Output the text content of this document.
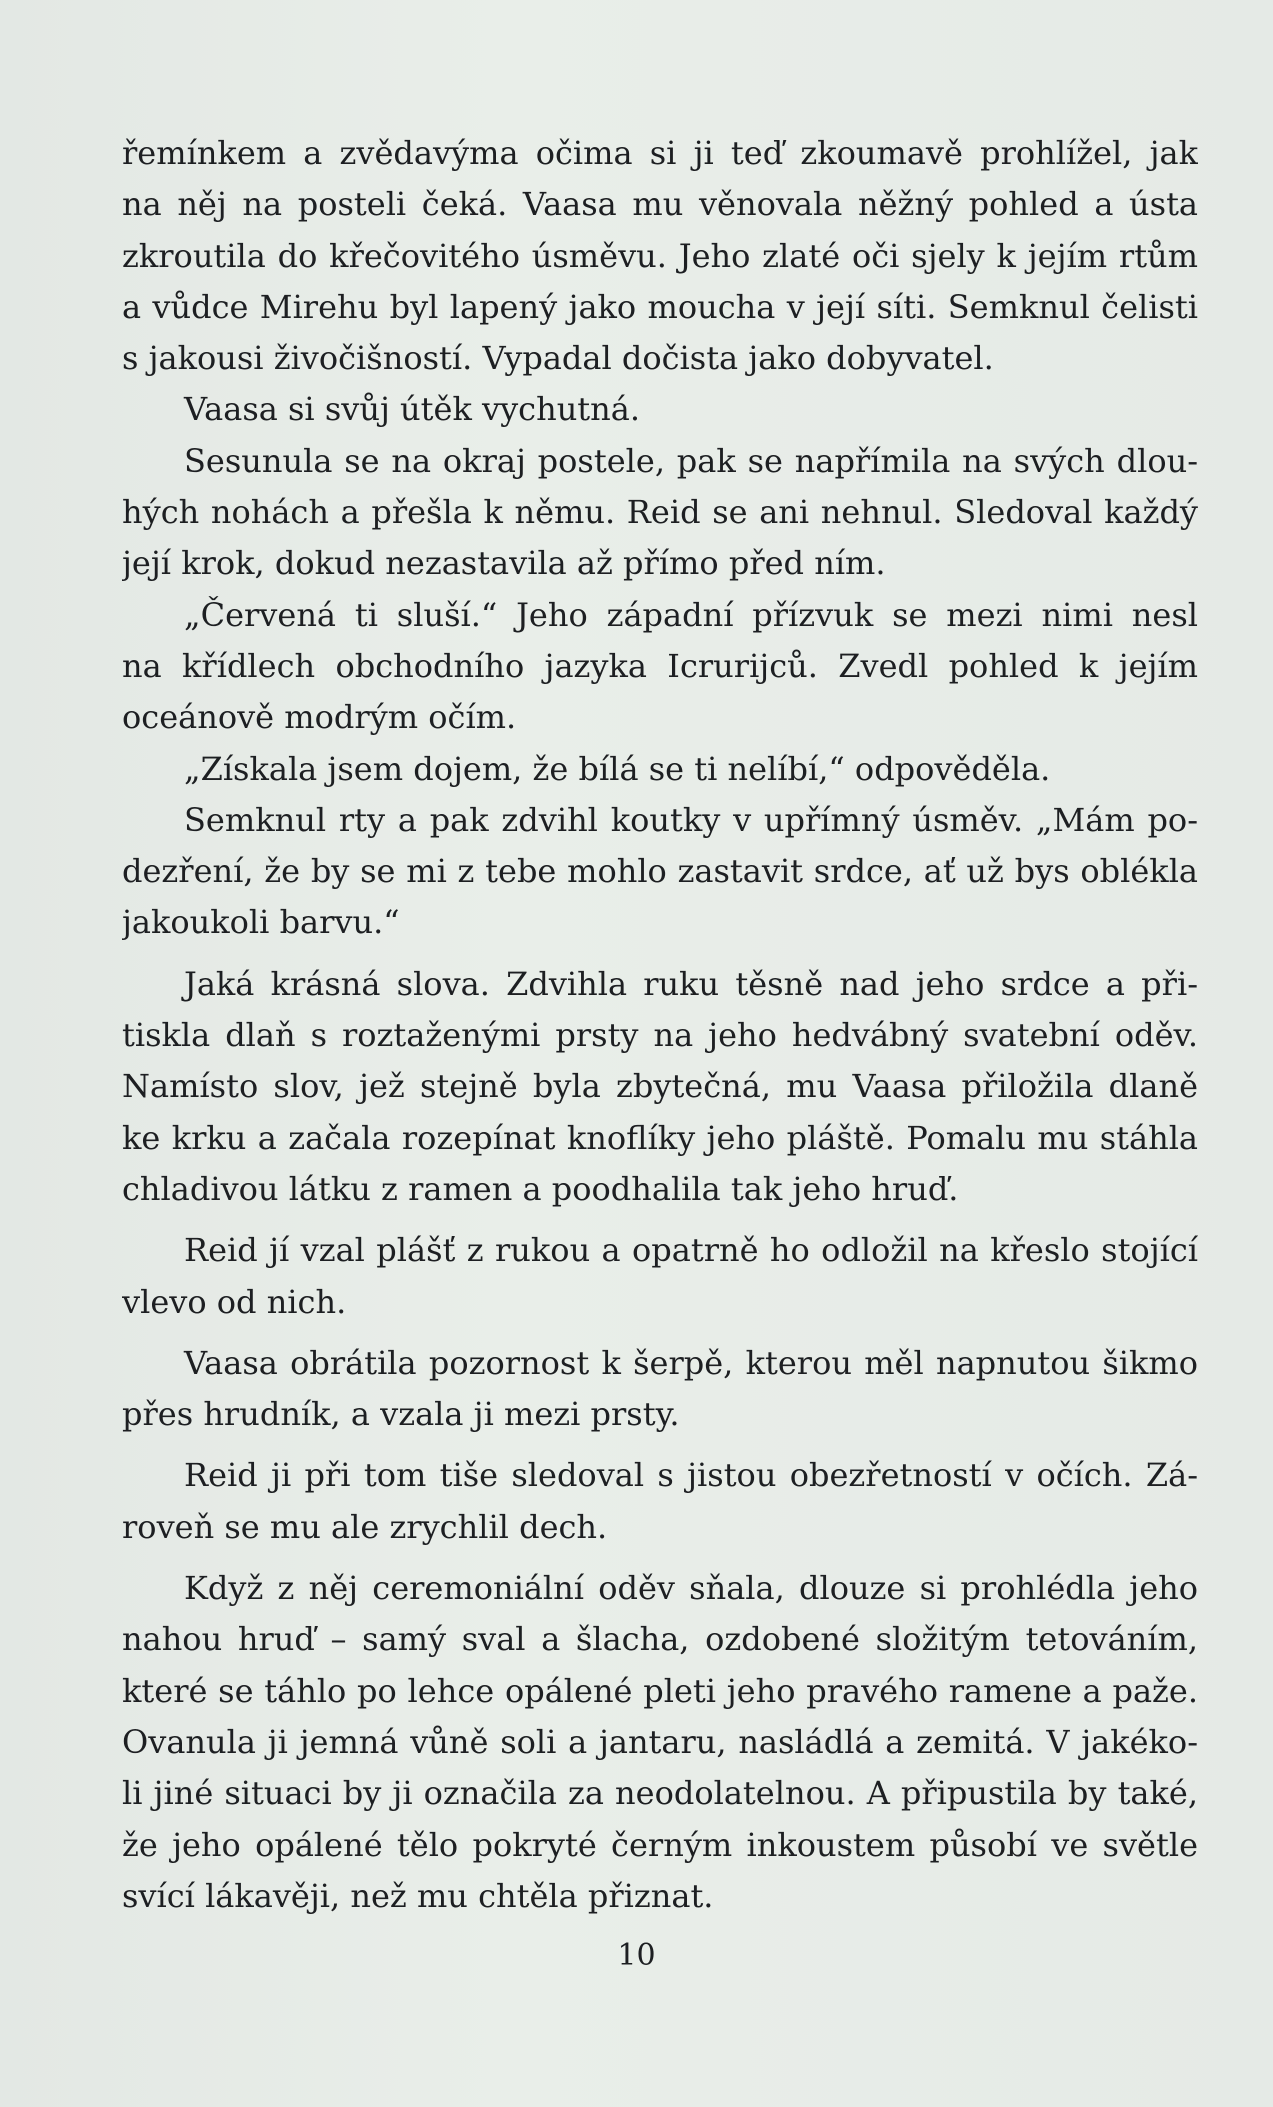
řemínkem a zvědavýma očima si ji teď zkoumavě prohlížel, jak
na něj na posteli čeká. Vaasa mu věnovala něžný pohled a ústa
zkroutila do křečovitého úsměvu. Jeho zlaté oči sjely k jejím rtům
a vůdce Mirehu byl lapený jako moucha v její síti. Semknul čelisti
s jakousi živočišností. Vypadal dočista jako dobyvatel.
Vaasa si svůj útěk vychutná.
Sesunula se na okraj postele, pak se napřímila na svých dlou-
hých nohách a přešla k němu. Reid se ani nehnul. Sledoval každý
její krok, dokud nezastavila až přímo před ním.
„Červená ti sluší.“ Jeho západní přízvuk se mezi nimi nesl
na křídlech obchodního jazyka Icrurijců. Zvedl pohled k jejím
oceánově modrým očím.
„Získala jsem dojem, že bílá se ti nelíbí,“ odpověděla.
Semknul rty a pak zdvihl koutky v upřímný úsměv. „Mám po-
dezření, že by se mi z tebe mohlo zastavit srdce, ať už bys oblékla
jakoukoli barvu.“
Jaká krásná slova. Zdvihla ruku těsně nad jeho srdce a při-
tiskla dlaň s roztaženými prsty na jeho hedvábný svatební oděv.
Namísto slov, jež stejně byla zbytečná, mu Vaasa přiložila dlaně
ke krku a začala rozepínat knoflíky jeho pláště. Pomalu mu stáhla
chladivou látku z ramen a poodhalila tak jeho hruď.
Reid jí vzal plášť z rukou a opatrně ho odložil na křeslo stojící
vlevo od nich.
Vaasa obrátila pozornost k šerpě, kterou měl napnutou šikmo
přes hrudník, a vzala ji mezi prsty.
Reid ji při tom tiše sledoval s jistou obezřetností v očích. Zá-
roveň se mu ale zrychlil dech.
Když z něj ceremoniální oděv sňala, dlouze si prohlédla jeho
nahou hruď – samý sval a šlacha, ozdobené složitým tetováním,
které se táhlo po lehce opálené pleti jeho pravého ramene a paže.
Ovanula ji jemná vůně soli a jantaru, nasládlá a zemitá. V jakéko-
li jiné situaci by ji označila za neodolatelnou. A připustila by také,
že jeho opálené tělo pokryté černým inkoustem působí ve světle
svící lákavěji, než mu chtěla přiznat.
10
